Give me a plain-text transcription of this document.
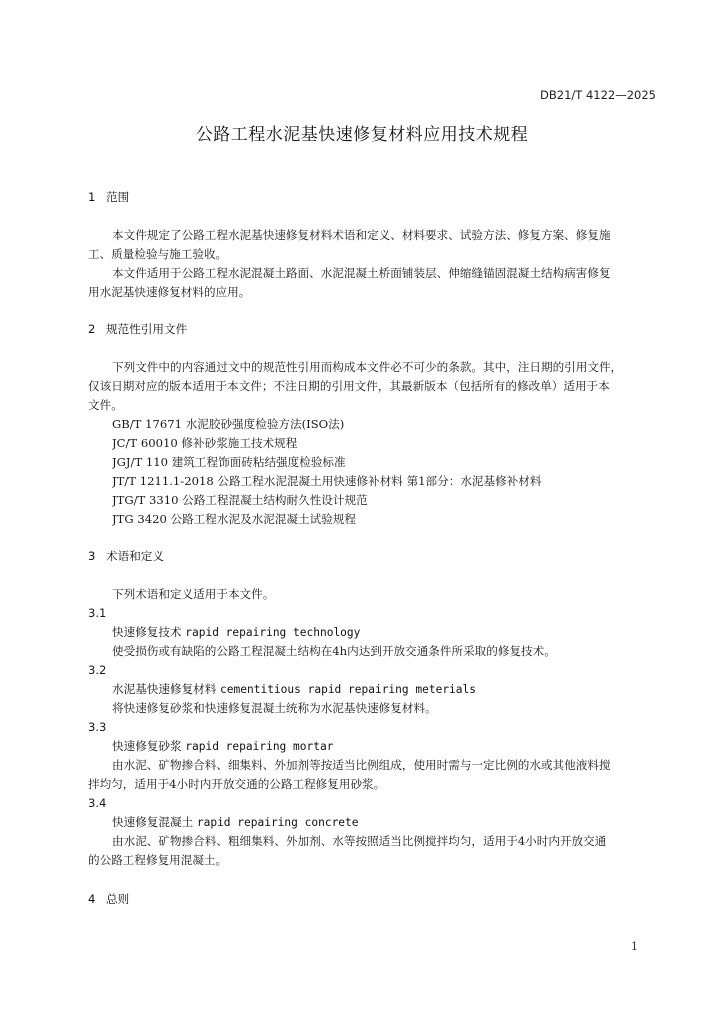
DB21/T 4122—2025
公路工程水泥基快速修复材料应用技术规程
1 范围
本文件规定了公路工程水泥基快速修复材料术语和定义、材料要求、试验方法、修复方案、修复施
工、质量检验与施工验收。
本文件适用于公路工程水泥混凝土路面、水泥混凝土桥面铺装层、伸缩缝锚固混凝土结构病害修复
用水泥基快速修复材料的应用。
2 规范性引用文件
下列文件中的内容通过文中的规范性引用而构成本文件必不可少的条款。其中，注日期的引用文件，
仅该日期对应的版本适用于本文件；不注日期的引用文件，其最新版本（包括所有的修改单）适用于本
文件。
GB/T 17671 水泥胶砂强度检验方法(ISO法)
JC/T 60010 修补砂浆施工技术规程
JGJ/T 110 建筑工程饰面砖粘结强度检验标准
JT/T 1211.1-2018 公路工程水泥混凝土用快速修补材料 第1部分：水泥基修补材料
JTG/T 3310 公路工程混凝土结构耐久性设计规范
JTG 3420 公路工程水泥及水泥混凝土试验规程
3 术语和定义
下列术语和定义适用于本文件。
3.1
快速修复技术 rapid repairing technology
使受损伤或有缺陷的公路工程混凝土结构在4h内达到开放交通条件所采取的修复技术。
3.2
水泥基快速修复材料 cementitious rapid repairing meterials
将快速修复砂浆和快速修复混凝土统称为水泥基快速修复材料。
3.3
快速修复砂浆 rapid repairing mortar
由水泥、矿物掺合料、细集料、外加剂等按适当比例组成，使用时需与一定比例的水或其他液料搅
拌均匀，适用于4小时内开放交通的公路工程修复用砂浆。
3.4
快速修复混凝土 rapid repairing concrete
由水泥、矿物掺合料、粗细集料、外加剂、水等按照适当比例搅拌均匀，适用于4小时内开放交通
的公路工程修复用混凝土。
4 总则
1
